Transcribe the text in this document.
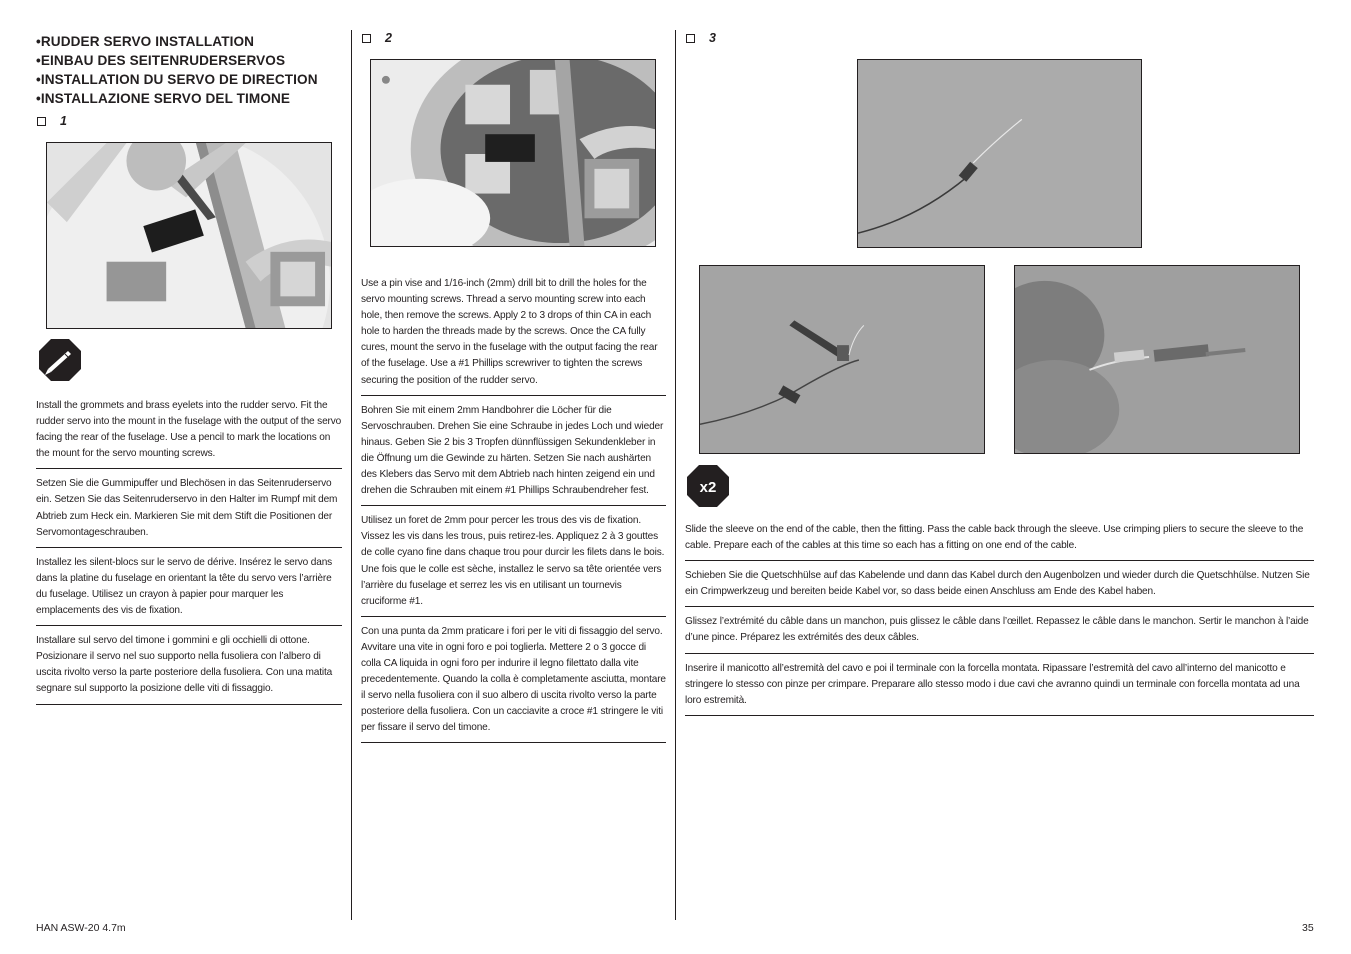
•RUDDER SERVO INSTALLATION
•EINBAU DES SEITENRUDERSERVOS
•INSTALLATION DU SERVO DE DIRECTION
•INSTALLAZIONE SERVO DEL TIMONE
1
2	3

Install the grommets and brass eyelets into the rudder servo. Fit the rudder servo into the mount in the fuselage with the output of the servo facing the rear of the fuselage. Use a pencil to mark the locations on the mount for the servo mounting screws.

Setzen Sie die Gummipuffer und Blechösen in das Seitenruderservo ein. Setzen Sie das Seitenruderservo in den Halter im Rumpf mit dem Abtrieb zum Heck ein. Markieren Sie mit dem Stift die Positionen der Servomontageschrauben.

Installez les silent-blocs sur le servo de dérive. Insérez le servo dans dans la platine du fuselage en orientant la tête du servo vers l’arrière du fuselage. Utilisez un crayon à papier pour marquer les emplacements des vis de fixation.

Installare sul servo del timone i gommini e gli occhielli di ottone. Posizionare il servo nel suo supporto nella fusoliera con l’albero di uscita rivolto verso la parte posteriore della fusoliera. Con una matita segnare sul supporto la posizione delle viti di fissaggio.

Use a pin vise and 1/16-inch (2mm) drill bit to drill the holes for the servo mounting screws. Thread a servo mounting screw into each hole, then remove the screws. Apply 2 to 3 drops of thin CA in each hole to harden the threads made by the screws. Once the CA fully cures, mount the servo in the fuselage with the output facing the rear of the fuselage. Use a #1 Phillips screwriver to tighten the screws securing the position of the rudder servo.

Bohren Sie mit einem 2mm Handbohrer die Löcher für die Servoschrauben. Drehen Sie eine Schraube in jedes Loch und wieder hinaus. Geben Sie 2 bis 3 Tropfen dünnflüssigen Sekundenkleber in die Öffnung um die Gewinde zu härten. Setzen Sie nach aushärten des Klebers das Servo mit dem Abtrieb nach hinten zeigend ein und drehen die Schrauben mit einem #1 Phillips Schraubendreher fest.

Utilisez un foret de 2mm pour percer les trous des vis de fixation. Vissez les vis dans les trous, puis retirez-les. Appliquez 2 à 3 gouttes de colle cyano fine dans chaque trou pour durcir les filets dans le bois. Une fois que le colle est sèche, installez le servo sa tête orientée vers l’arrière du fuselage et serrez les vis en utilisant un tournevis cruciforme #1.

Con una punta da 2mm praticare i fori per le viti di fissaggio del servo. Avvitare una vite in ogni foro e poi toglierla. Mettere 2 o 3 gocce di colla CA liquida in ogni foro per indurire il legno filettato dalla vite precedentemente. Quando la colla è completamente asciutta, montare il servo nella fusoliera con il suo albero di uscita rivolto verso la parte posteriore della fusoliera. Con un cacciavite a croce #1 stringere le viti per fissare il servo del timone.

x2

Slide the sleeve on the end of the cable, then the fitting. Pass the cable back through the sleeve. Use crimping pliers to secure the sleeve to the cable. Prepare each of the cables at this time so each has a fitting on one end of the cable.

Schieben Sie die Quetschhülse auf das Kabelende und dann das Kabel durch den Augenbolzen und wieder durch die Quetschhülse. Nutzen Sie ein Crimpwerkzeug und bereiten beide Kabel vor, so dass beide einen Anschluss am Ende des Kabel haben.

Glissez l’extrémité du câble dans un manchon, puis glissez le câble dans l’œillet. Repassez le câble dans le manchon. Sertir le manchon à l’aide d’une pince. Préparez les extrémités des deux câbles.

Inserire il manicotto all’estremità del cavo e poi il terminale con la forcella montata. Ripassare l’estremità del cavo all’interno del manicotto e stringere lo stesso con pinze per crimpare. Preparare allo stesso modo i due cavi che avranno quindi un terminale con forcella montata ad una loro estremità.

HAN ASW-20 4.7m	35
